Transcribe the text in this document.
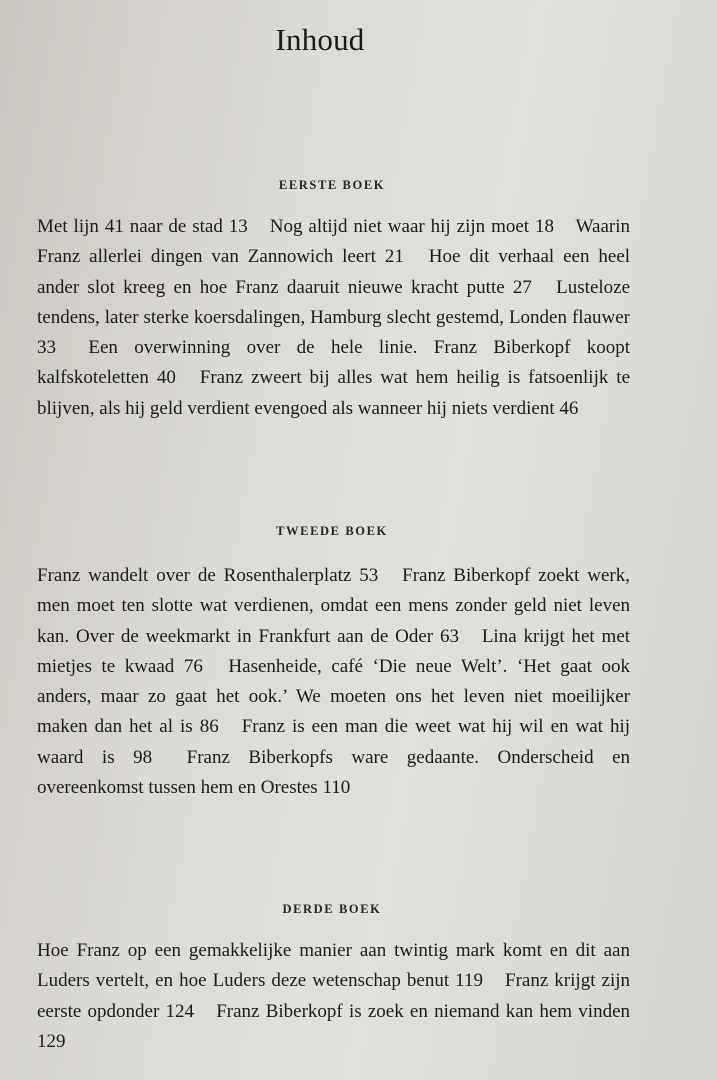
Inhoud
EERSTE BOEK
Met lijn 41 naar de stad 13 Nog altijd niet waar hij zijn moet 18 Waarin Franz allerlei dingen van Zannowich leert 21 Hoe dit verhaal een heel ander slot kreeg en hoe Franz daaruit nieuwe kracht putte 27 Lusteloze tendens, later sterke koersdalingen, Hamburg slecht gestemd, Londen flauwer 33 Een overwinning over de hele linie. Franz Biberkopf koopt kalfskoteletten 40 Franz zweert bij alles wat hem heilig is fatsoenlijk te blijven, als hij geld verdient evengoed als wanneer hij niets verdient 46
TWEEDE BOEK
Franz wandelt over de Rosenthalerplatz 53 Franz Biberkopf zoekt werk, men moet ten slotte wat verdienen, omdat een mens zonder geld niet leven kan. Over de weekmarkt in Frankfurt aan de Oder 63 Lina krijgt het met mietjes te kwaad 76 Hasenheide, café ‘Die neue Welt’. ‘Het gaat ook anders, maar zo gaat het ook.’ We moeten ons het leven niet moeilijker maken dan het al is 86 Franz is een man die weet wat hij wil en wat hij waard is 98 Franz Biberkopfs ware gedaante. Onderscheid en overeenkomst tussen hem en Orestes 110
DERDE BOEK
Hoe Franz op een gemakkelijke manier aan twintig mark komt en dit aan Luders vertelt, en hoe Luders deze wetenschap benut 119 Franz krijgt zijn eerste opdonder 124 Franz Biberkopf is zoek en niemand kan hem vinden 129
